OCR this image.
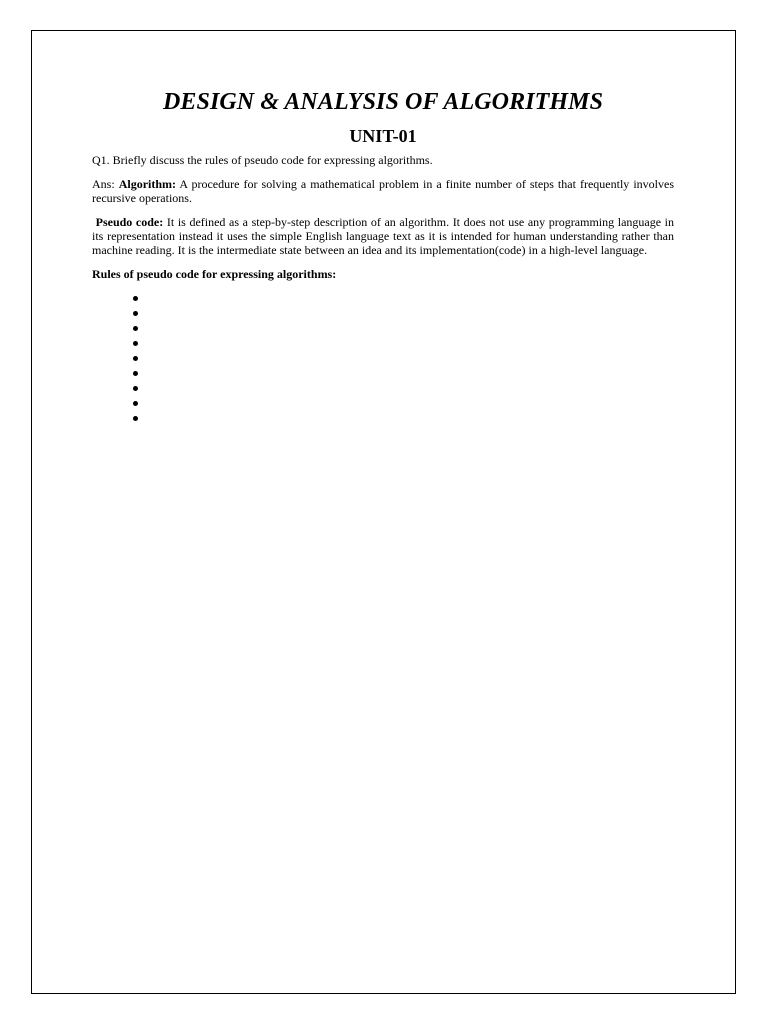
DESIGN & ANALYSIS OF ALGORITHMS
UNIT-01

Q1. Briefly discuss the rules of pseudo code for expressing algorithms.

Ans: Algorithm: A procedure for solving a mathematical problem in a finite number of steps that frequently involves recursive operations.

Pseudo code: It is defined as a step-by-step description of an algorithm. It does not use any programming language in its representation instead it uses the simple English language text as it is intended for human understanding rather than machine reading. It is the intermediate state between an idea and its implementation(code) in a high-level language.

Rules of pseudo code for expressing algorithms:
